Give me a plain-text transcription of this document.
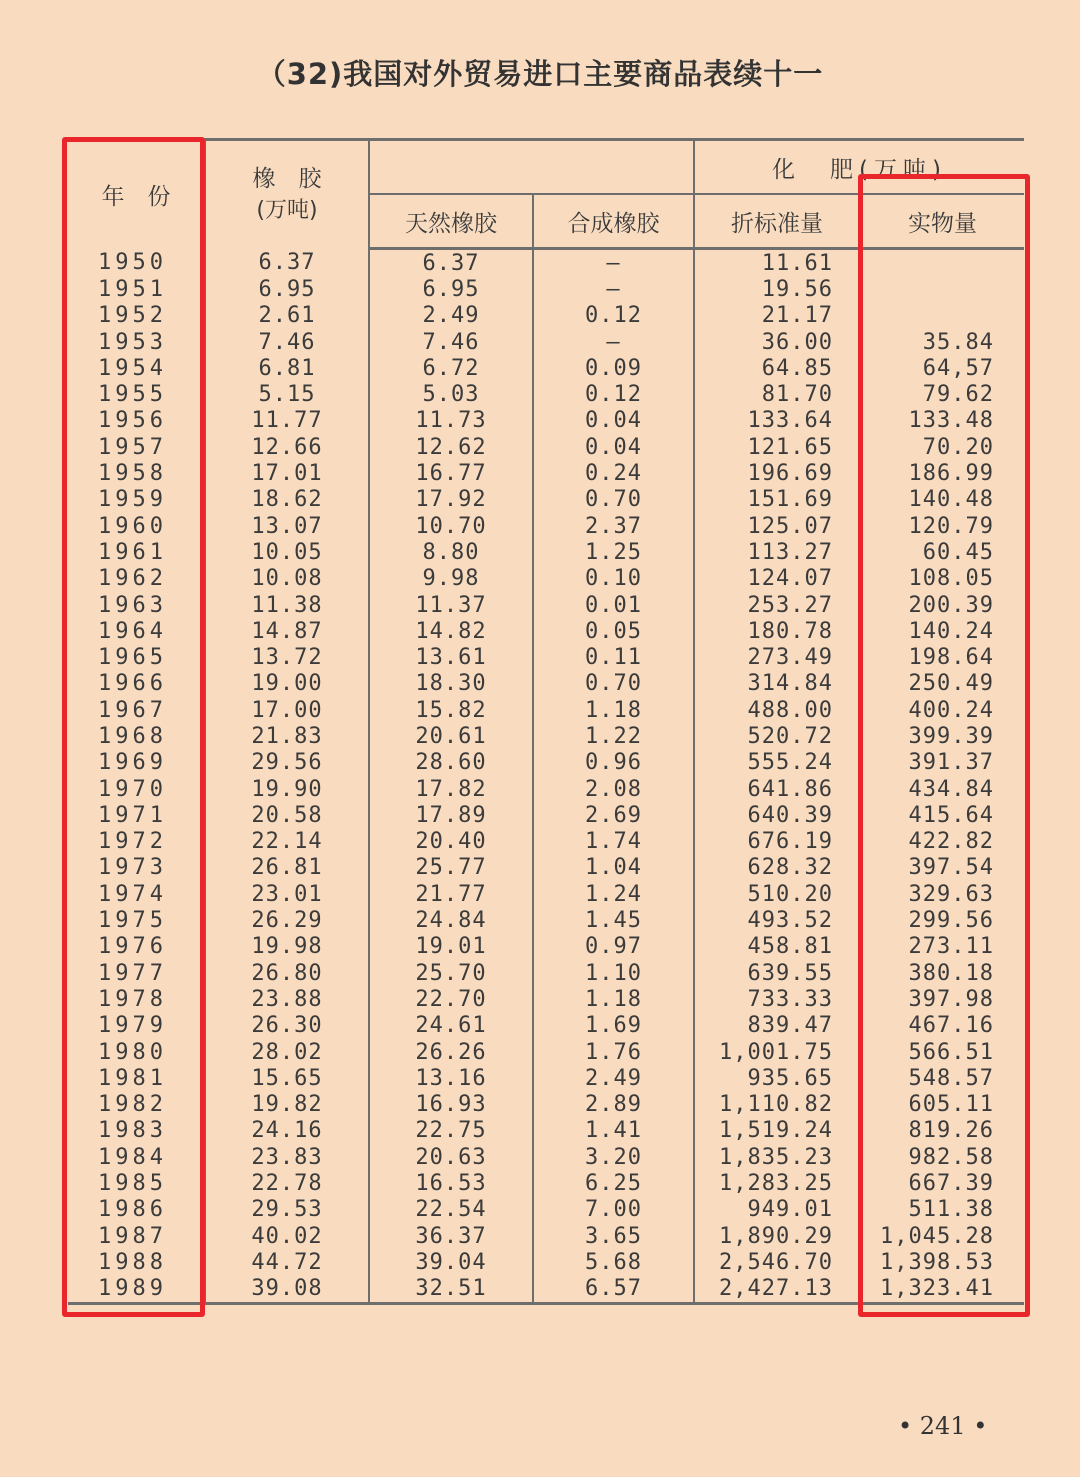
（32)我国对外贸易进口主要商品表续十一
年　份	橡　胶
(万吨)			化　肥(万吨)	
		天然橡胶	合成橡胶	折标准量	实物量
1950	6.37	6.37	—	11.61	
1951	6.95	6.95	—	19.56	
1952	2.61	2.49	0.12	21.17	
1953	7.46	7.46	—	36.00	35.84
1954	6.81	6.72	0.09	64.85	64,57
1955	5.15	5.03	0.12	81.70	79.62
1956	11.77	11.73	0.04	133.64	133.48
1957	12.66	12.62	0.04	121.65	70.20
1958	17.01	16.77	0.24	196.69	186.99
1959	18.62	17.92	0.70	151.69	140.48
1960	13.07	10.70	2.37	125.07	120.79
1961	10.05	8.80	1.25	113.27	60.45
1962	10.08	9.98	0.10	124.07	108.05
1963	11.38	11.37	0.01	253.27	200.39
1964	14.87	14.82	0.05	180.78	140.24
1965	13.72	13.61	0.11	273.49	198.64
1966	19.00	18.30	0.70	314.84	250.49
1967	17.00	15.82	1.18	488.00	400.24
1968	21.83	20.61	1.22	520.72	399.39
1969	29.56	28.60	0.96	555.24	391.37
1970	19.90	17.82	2.08	641.86	434.84
1971	20.58	17.89	2.69	640.39	415.64
1972	22.14	20.40	1.74	676.19	422.82
1973	26.81	25.77	1.04	628.32	397.54
1974	23.01	21.77	1.24	510.20	329.63
1975	26.29	24.84	1.45	493.52	299.56
1976	19.98	19.01	0.97	458.81	273.11
1977	26.80	25.70	1.10	639.55	380.18
1978	23.88	22.70	1.18	733.33	397.98
1979	26.30	24.61	1.69	839.47	467.16
1980	28.02	26.26	1.76	1,001.75	566.51
1981	15.65	13.16	2.49	935.65	548.57
1982	19.82	16.93	2.89	1,110.82	605.11
1983	24.16	22.75	1.41	1,519.24	819.26
1984	23.83	20.63	3.20	1,835.23	982.58
1985	22.78	16.53	6.25	1,283.25	667.39
1986	29.53	22.54	7.00	949.01	511.38
1987	40.02	36.37	3.65	1,890.29	1,045.28
1988	44.72	39.04	5.68	2,546.70	1,398.53
1989	39.08	32.51	6.57	2,427.13	1,323.41
• 241 •
